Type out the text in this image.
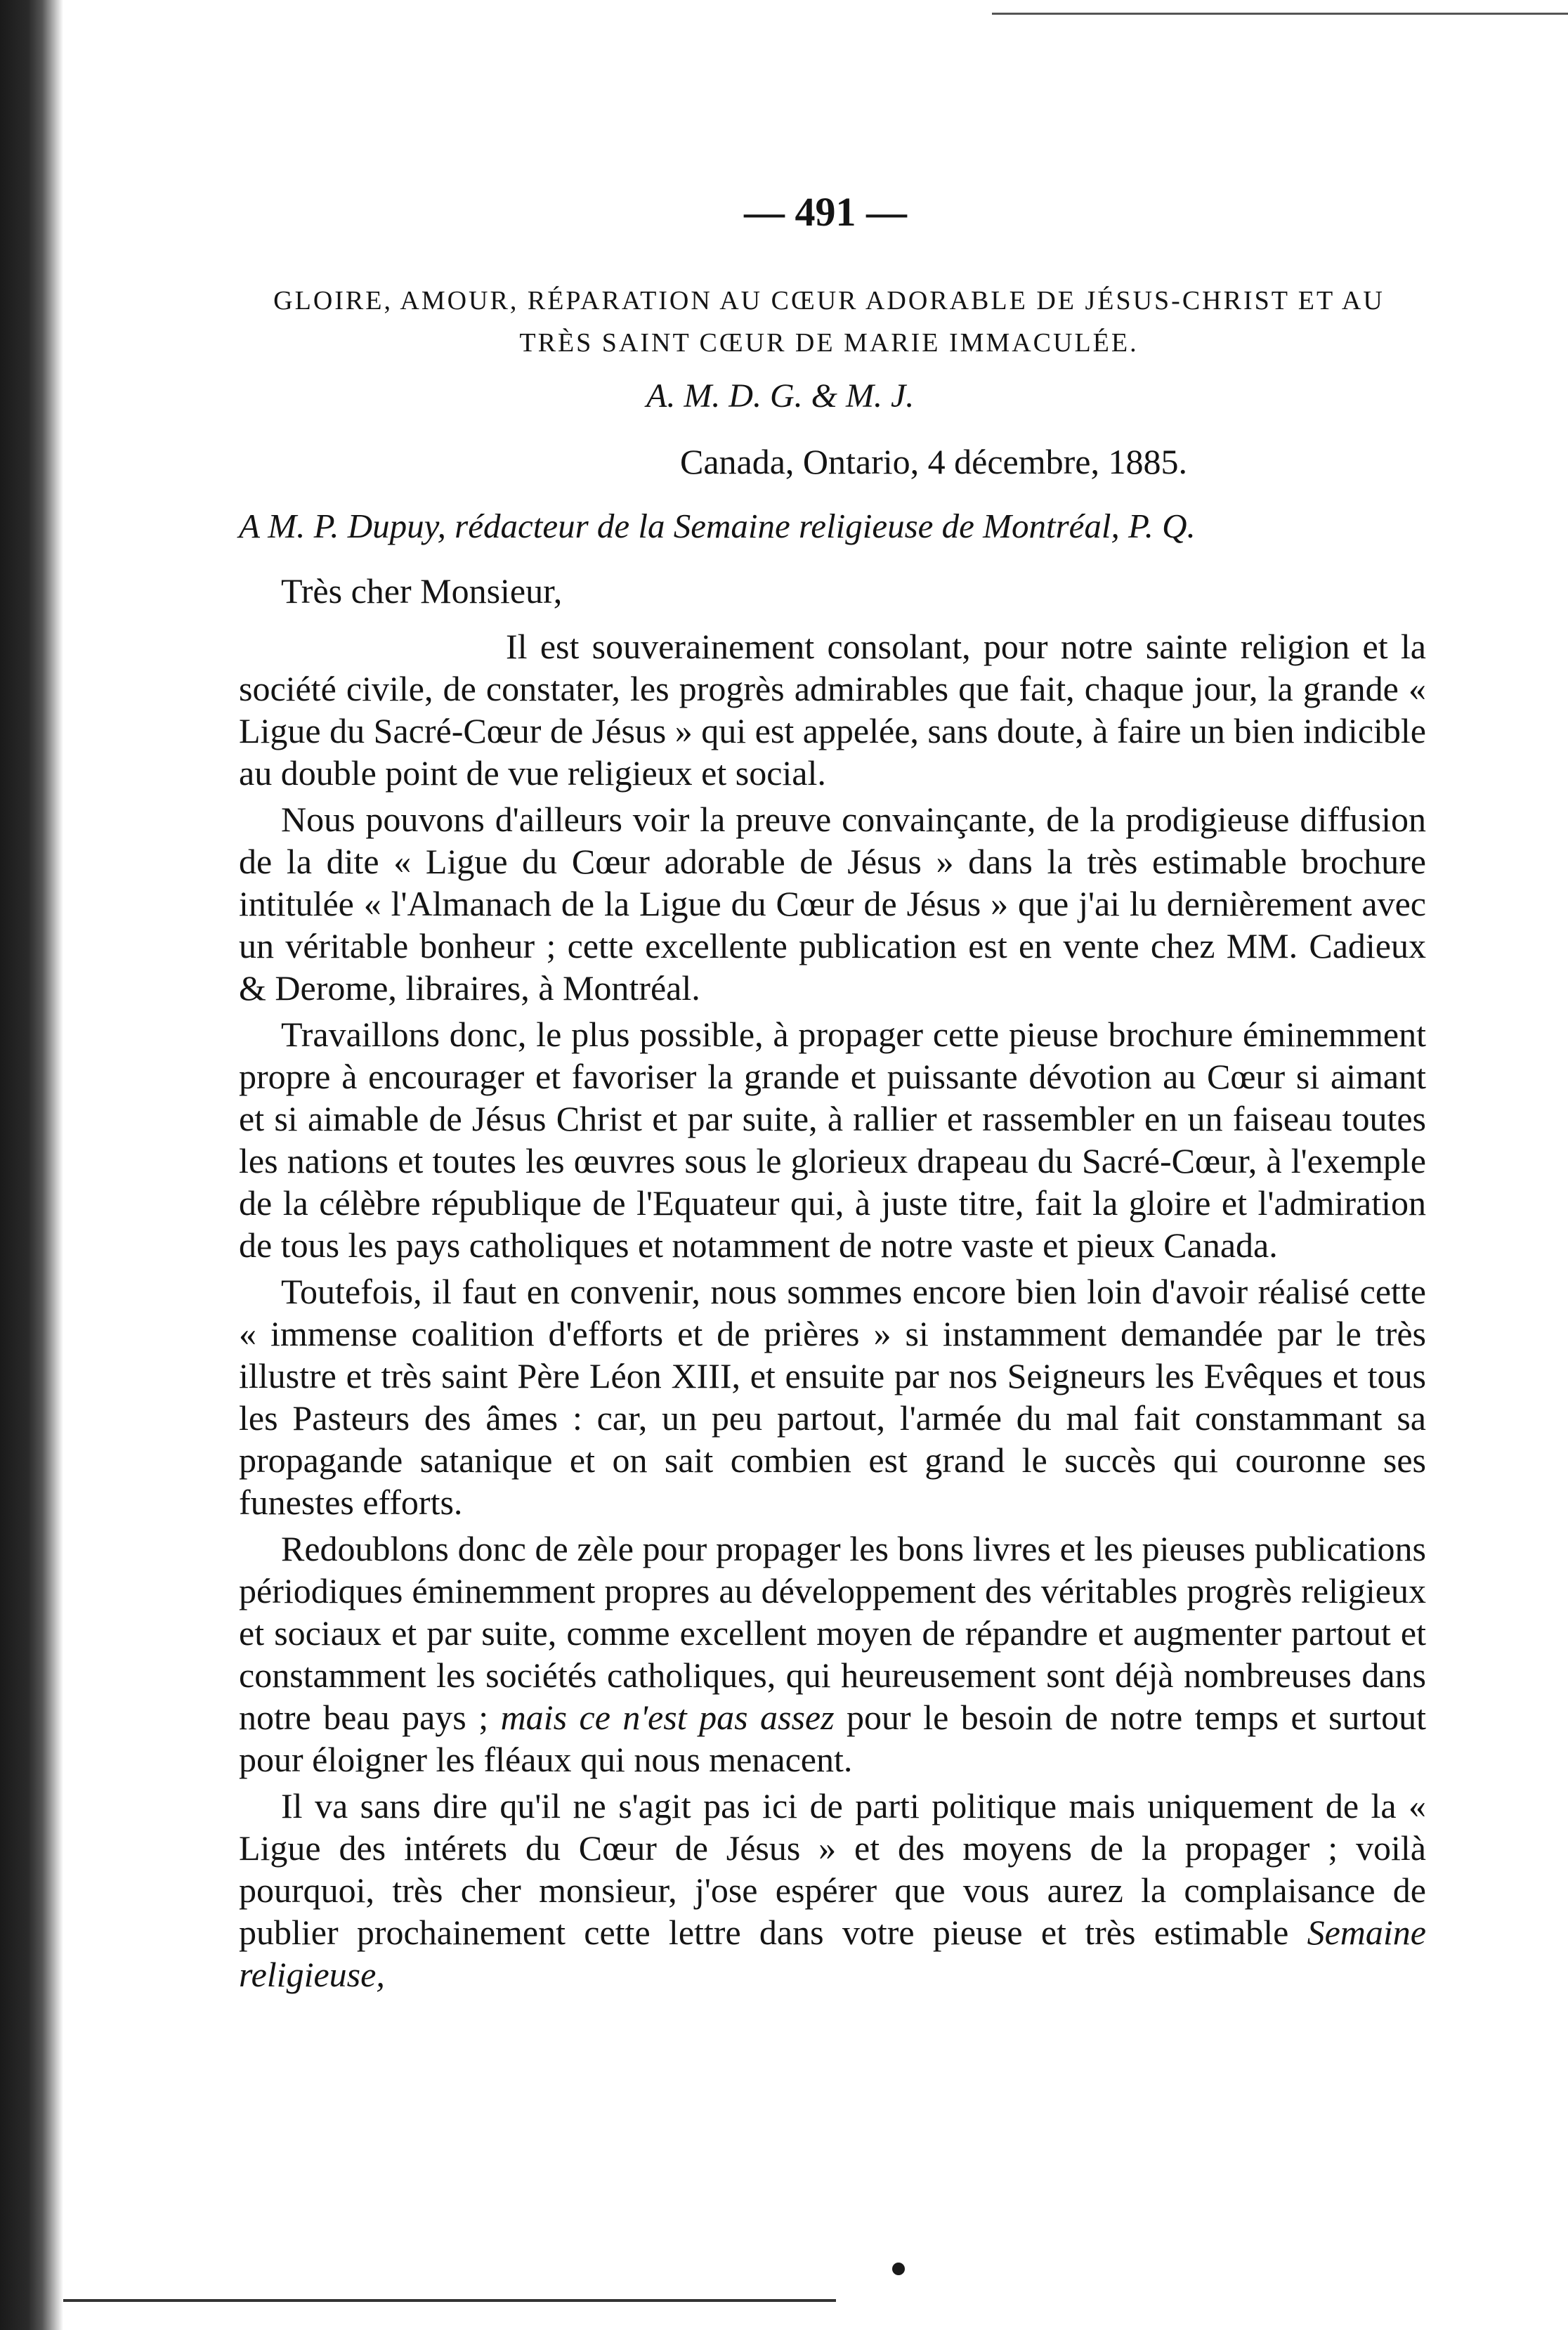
— 491 —
GLOIRE, AMOUR, RÉPARATION AU CŒUR ADORABLE DE JÉSUS-CHRIST ET AU
TRÈS SAINT CŒUR DE MARIE IMMACULÉE.
A. M. D. G. & M. J.
Canada, Ontario, 4 décembre, 1885.
A M. P. Dupuy, rédacteur de la Semaine religieuse de Montréal, P. Q.
Très cher Monsieur,

Il est souverainement consolant, pour notre sainte religion et la société civile, de constater, les progrès admirables que fait, chaque jour, la grande « Ligue du Sacré-Cœur de Jésus » qui est appelée, sans doute, à faire un bien indicible au double point de vue religieux et social.

Nous pouvons d'ailleurs voir la preuve convainçante, de la prodigieuse diffusion de la dite « Ligue du Cœur adorable de Jésus » dans la très estimable brochure intitulée « l'Almanach de la Ligue du Cœur de Jésus » que j'ai lu dernièrement avec un véritable bonheur ; cette excellente publication est en vente chez MM. Cadieux & Derome, libraires, à Montréal.

Travaillons donc, le plus possible, à propager cette pieuse brochure éminemment propre à encourager et favoriser la grande et puissante dévotion au Cœur si aimant et si aimable de Jésus Christ et par suite, à rallier et rassembler en un faiseau toutes les nations et toutes les œuvres sous le glorieux drapeau du Sacré-Cœur, à l'exemple de la célèbre république de l'Equateur qui, à juste titre, fait la gloire et l'admiration de tous les pays catholiques et notamment de notre vaste et pieux Canada.

Toutefois, il faut en convenir, nous sommes encore bien loin d'avoir réalisé cette « immense coalition d'efforts et de prières » si instamment demandée par le très illustre et très saint Père Léon XIII, et ensuite par nos Seigneurs les Evêques et tous les Pasteurs des âmes : car, un peu partout, l'armée du mal fait constammant sa propagande satanique et on sait combien est grand le succès qui couronne ses funestes efforts.

Redoublons donc de zèle pour propager les bons livres et les pieuses publications périodiques éminemment propres au développement des véritables progrès religieux et sociaux et par suite, comme excellent moyen de répandre et augmenter partout et constamment les sociétés catholiques, qui heureusement sont déjà nombreuses dans notre beau pays ; mais ce n'est pas assez pour le besoin de notre temps et surtout pour éloigner les fléaux qui nous menacent.

Il va sans dire qu'il ne s'agit pas ici de parti politique mais uniquement de la « Ligue des intérets du Cœur de Jésus » et des moyens de la propager ; voilà pourquoi, très cher monsieur, j'ose espérer que vous aurez la complaisance de publier prochainement cette lettre dans votre pieuse et très estimable Semaine religieuse,
